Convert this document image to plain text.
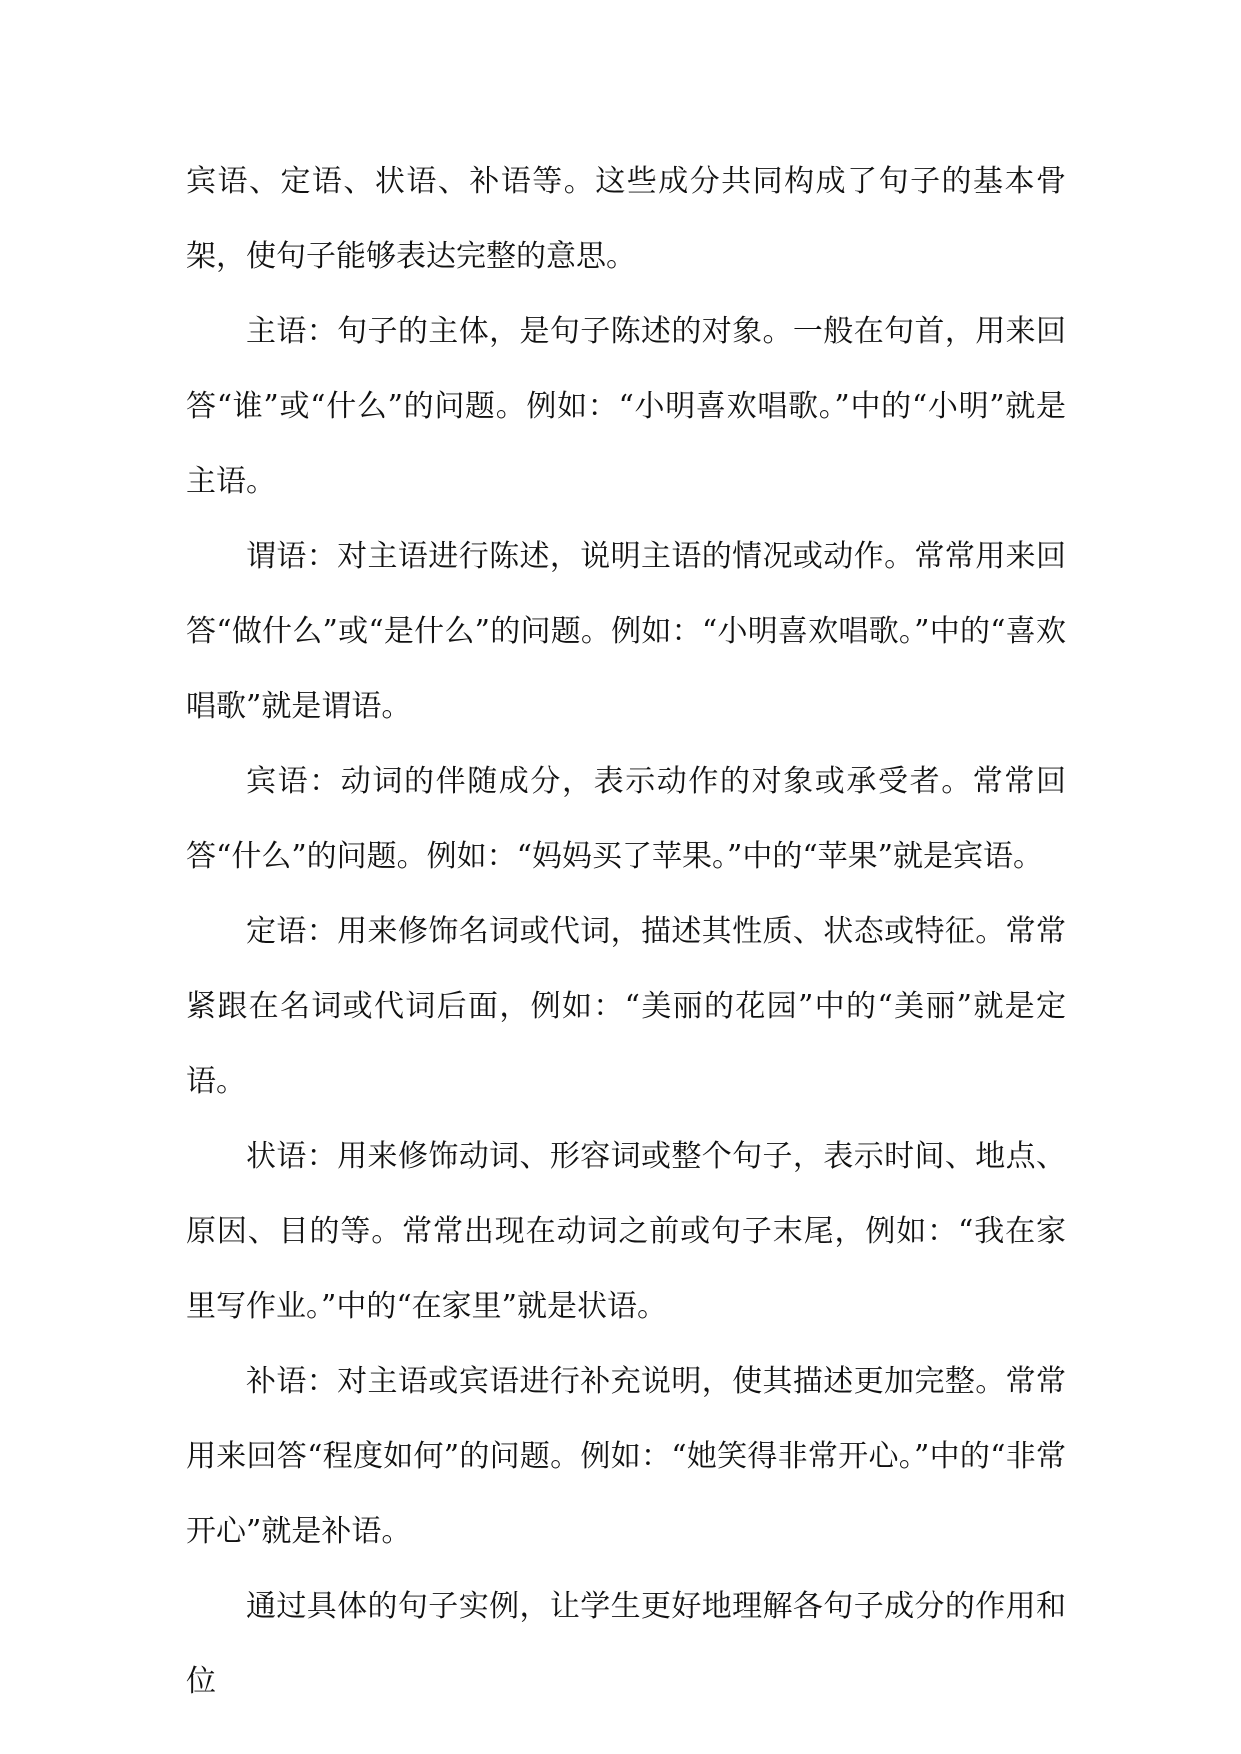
宾语、定语、状语、补语等。这些成分共同构成了句子的基本骨架，使句子能够表达完整的意思。

主语：句子的主体，是句子陈述的对象。一般在句首，用来回答“谁”或“什么”的问题。例如：“小明喜欢唱歌。”中的“小明”就是主语。

谓语：对主语进行陈述，说明主语的情况或动作。常常用来回答“做什么”或“是什么”的问题。例如：“小明喜欢唱歌。”中的“喜欢唱歌”就是谓语。

宾语：动词的伴随成分，表示动作的对象或承受者。常常回答“什么”的问题。例如：“妈妈买了苹果。”中的“苹果”就是宾语。

定语：用来修饰名词或代词，描述其性质、状态或特征。常常紧跟在名词或代词后面，例如：“美丽的花园”中的“美丽”就是定语。

状语：用来修饰动词、形容词或整个句子，表示时间、地点、原因、目的等。常常出现在动词之前或句子末尾，例如：“我在家里写作业。”中的“在家里”就是状语。

补语：对主语或宾语进行补充说明，使其描述更加完整。常常用来回答“程度如何”的问题。例如：“她笑得非常开心。”中的“非常开心”就是补语。

通过具体的句子实例，让学生更好地理解各句子成分的作用和位
